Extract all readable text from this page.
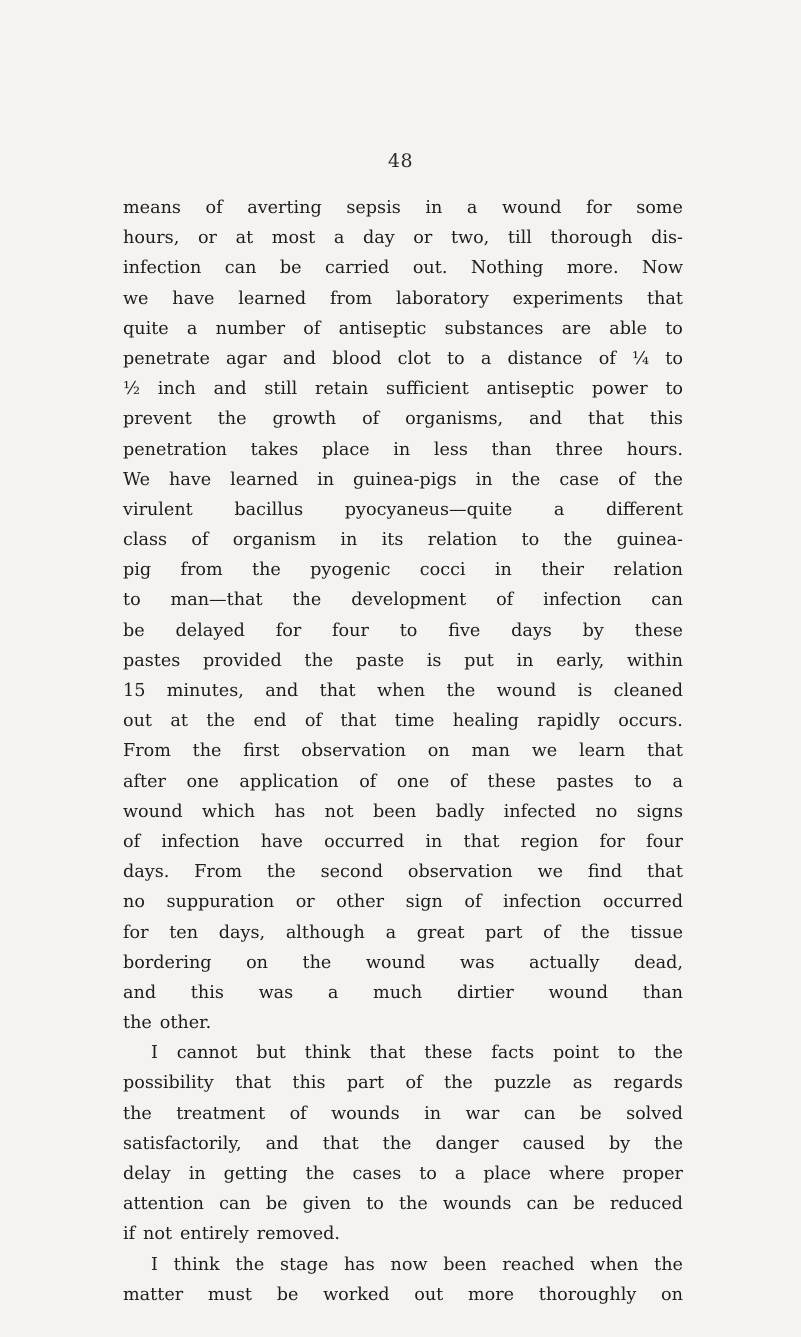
48
means of averting sepsis in a wound for some
hours, or at most a day or two, till thorough dis-
infection can be carried out. Nothing more. Now
we have learned from laboratory experiments that
quite a number of antiseptic substances are able to
penetrate agar and blood clot to a distance of ¼ to
½ inch and still retain sufficient antiseptic power to
prevent the growth of organisms, and that this
penetration takes place in less than three hours.
We have learned in guinea-pigs in the case of the
virulent bacillus pyocyaneus—quite a different
class of organism in its relation to the guinea-
pig from the pyogenic cocci in their relation
to man—that the development of infection can
be delayed for four to five days by these
pastes provided the paste is put in early, within
15 minutes, and that when the wound is cleaned
out at the end of that time healing rapidly occurs.
From the first observation on man we learn that
after one application of one of these pastes to a
wound which has not been badly infected no signs
of infection have occurred in that region for four
days. From the second observation we find that
no suppuration or other sign of infection occurred
for ten days, although a great part of the tissue
bordering on the wound was actually dead,
and this was a much dirtier wound than
the other.
I cannot but think that these facts point to the
possibility that this part of the puzzle as regards
the treatment of wounds in war can be solved
satisfactorily, and that the danger caused by the
delay in getting the cases to a place where proper
attention can be given to the wounds can be reduced
if not entirely removed.
I think the stage has now been reached when the
matter must be worked out more thoroughly on
